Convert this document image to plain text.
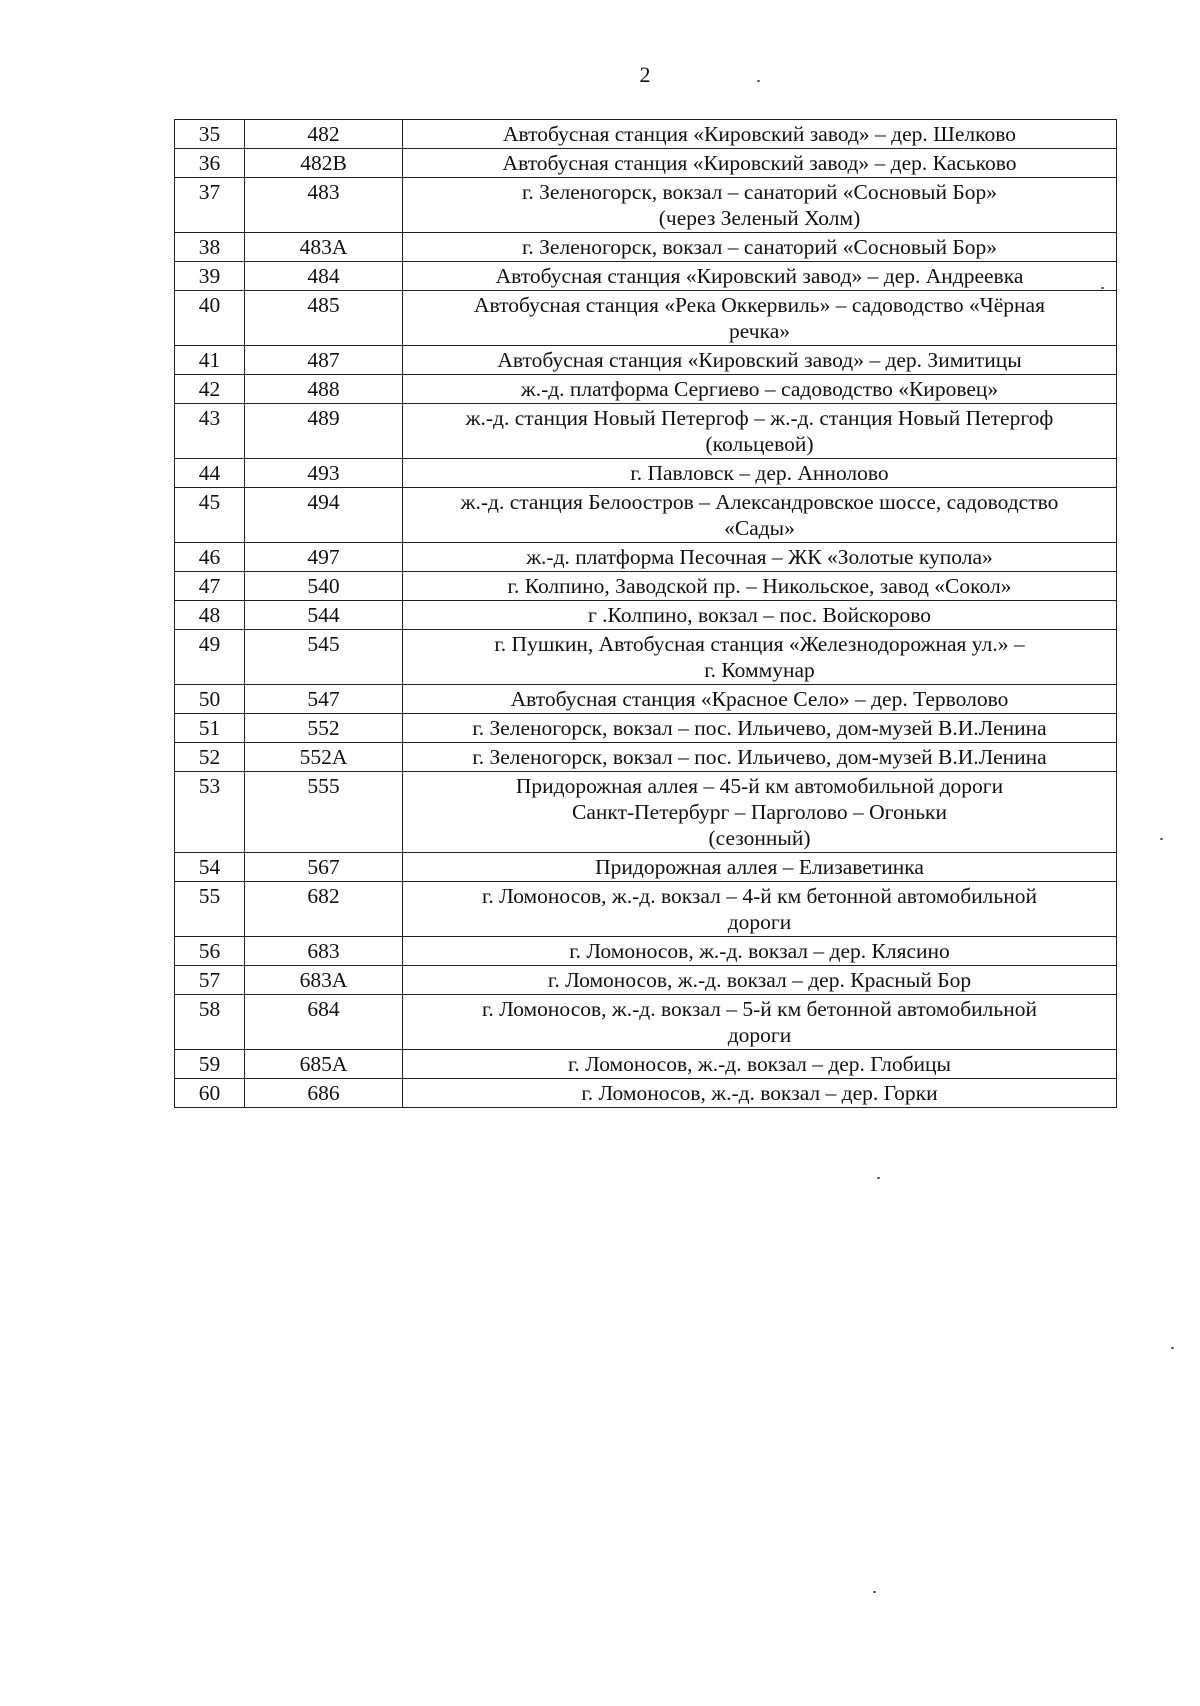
2
35	482	Автобусная станция «Кировский завод» – дер. Шелково
36	482В	Автобусная станция «Кировский завод» – дер. Каськово
37	483	г. Зеленогорск, вокзал – санаторий «Сосновый Бор»
(через Зеленый Холм)
38	483А	г. Зеленогорск, вокзал – санаторий «Сосновый Бор»
39	484	Автобусная станция «Кировский завод» – дер. Андреевка
40	485	Автобусная станция «Река Оккервиль» – садоводство «Чёрная
речка»
41	487	Автобусная станция «Кировский завод» – дер. Зимитицы
42	488	ж.-д. платформа Сергиево – садоводство «Кировец»
43	489	ж.-д. станция Новый Петергоф – ж.-д. станция Новый Петергоф
(кольцевой)
44	493	г. Павловск – дер. Аннолово
45	494	ж.-д. станция Белоостров – Александровское шоссе, садоводство
«Сады»
46	497	ж.-д. платформа Песочная – ЖК «Золотые купола»
47	540	г. Колпино, Заводской пр. – Никольское, завод «Сокол»
48	544	г .Колпино, вокзал – пос. Войскорово
49	545	г. Пушкин, Автобусная станция «Железнодорожная ул.» –
г. Коммунар
50	547	Автобусная станция «Красное Село» – дер. Терволово
51	552	г. Зеленогорск, вокзал – пос. Ильичево, дом-музей В.И.Ленина
52	552А	г. Зеленогорск, вокзал – пос. Ильичево, дом-музей В.И.Ленина
53	555	Придорожная аллея – 45-й км автомобильной дороги
Санкт-Петербург – Парголово – Огоньки
(сезонный)
54	567	Придорожная аллея – Елизаветинка
55	682	г. Ломоносов, ж.-д. вокзал – 4-й км бетонной автомобильной
дороги
56	683	г. Ломоносов, ж.-д. вокзал – дер. Клясино
57	683А	г. Ломоносов, ж.-д. вокзал – дер. Красный Бор
58	684	г. Ломоносов, ж.-д. вокзал – 5-й км бетонной автомобильной
дороги
59	685А	г. Ломоносов, ж.-д. вокзал – дер. Глобицы
60	686	г. Ломоносов, ж.-д. вокзал – дер. Горки
